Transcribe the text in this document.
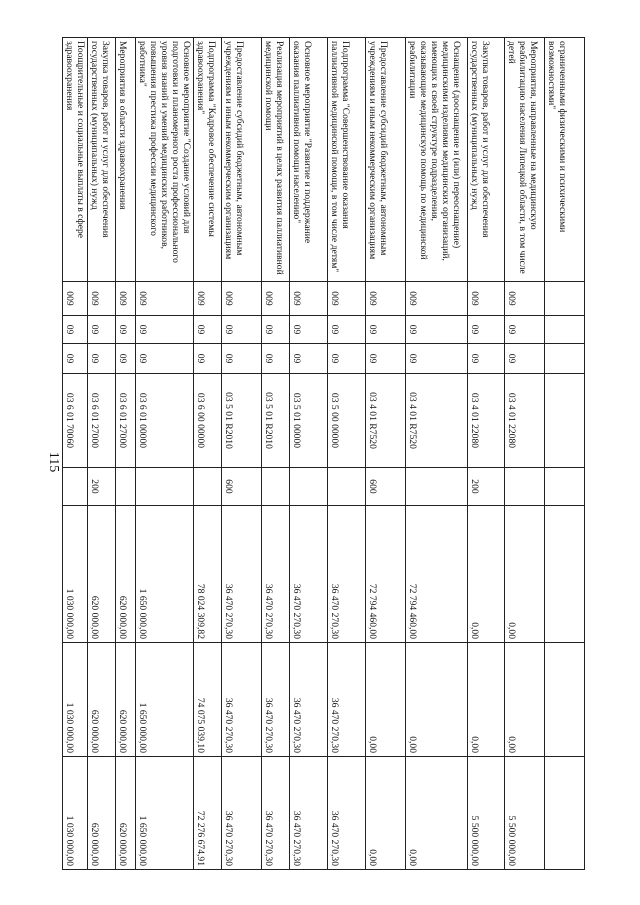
115
ограниченными физическими и психическими возможностями"								
Мероприятия, направленные на медицинскую реабилитацию населения Липецкой области, в том числе детей	009	09	09	03 4 01 22080		0,00	0,00	5 500 000,00
Закупка товаров, работ и услуг для обеспечения государственных (муниципальных) нужд	009	09	09	03 4 01 22080	200	0,00	0,00	5 500 000,00
Оснащение (дооснащение и (или) переоснащение) медицинскими изделиями медицинских организаций, имеющих в своей структуре подразделения, оказывающие медицинскую помощь по медицинской реабилитации	009	09	09	03 4 01 R7520		72 794 460,00	0,00	0,00
Предоставление субсидий бюджетным, автономным учреждениям и иным некоммерческим организациям	009	09	09	03 4 01 R7520	600	72 794 460,00	0,00	0,00
Подпрограмма "Совершенствование оказания паллиативной медицинской помощи, в том числе детям"	009	09	09	03 5 00 00000		36 470 270,30	36 470 270,30	36 470 270,30
Основное мероприятие "Развитие и поддержание оказания паллиативной помощи населению"	009	09	09	03 5 01 00000		36 470 270,30	36 470 270,30	36 470 270,30
Реализация мероприятий в целях развития паллиативной медицинской помощи	009	09	09	03 5 01 R2010		36 470 270,30	36 470 270,30	36 470 270,30
Предоставление субсидий бюджетным, автономным учреждениям и иным некоммерческим организациям	009	09	09	03 5 01 R2010	600	36 470 270,30	36 470 270,30	36 470 270,30
Подпрограмма "Кадровое обеспечение системы здравоохранения"	009	09	09	03 6 00 00000		78 024 309,82	74 075 039,10	72 276 674,91
Основное мероприятие "Создание условий для подготовки и планомерного роста профессионального уровня знаний и умений медицинских работников, повышения престижа профессии медицинского работника"	009	09	09	03 6 01 00000		1 650 000,00	1 650 000,00	1 650 000,00
Мероприятия в области здравоохранения	009	09	09	03 6 01 27000		620 000,00	620 000,00	620 000,00
Закупка товаров, работ и услуг для обеспечения государственных (муниципальных) нужд	009	09	09	03 6 01 27000	200	620 000,00	620 000,00	620 000,00
Поощрительные и социальные выплаты в сфере здравоохранения	009	09	09	03 6 01 70060		1 030 000,00	1 030 000,00	1 030 000,00
